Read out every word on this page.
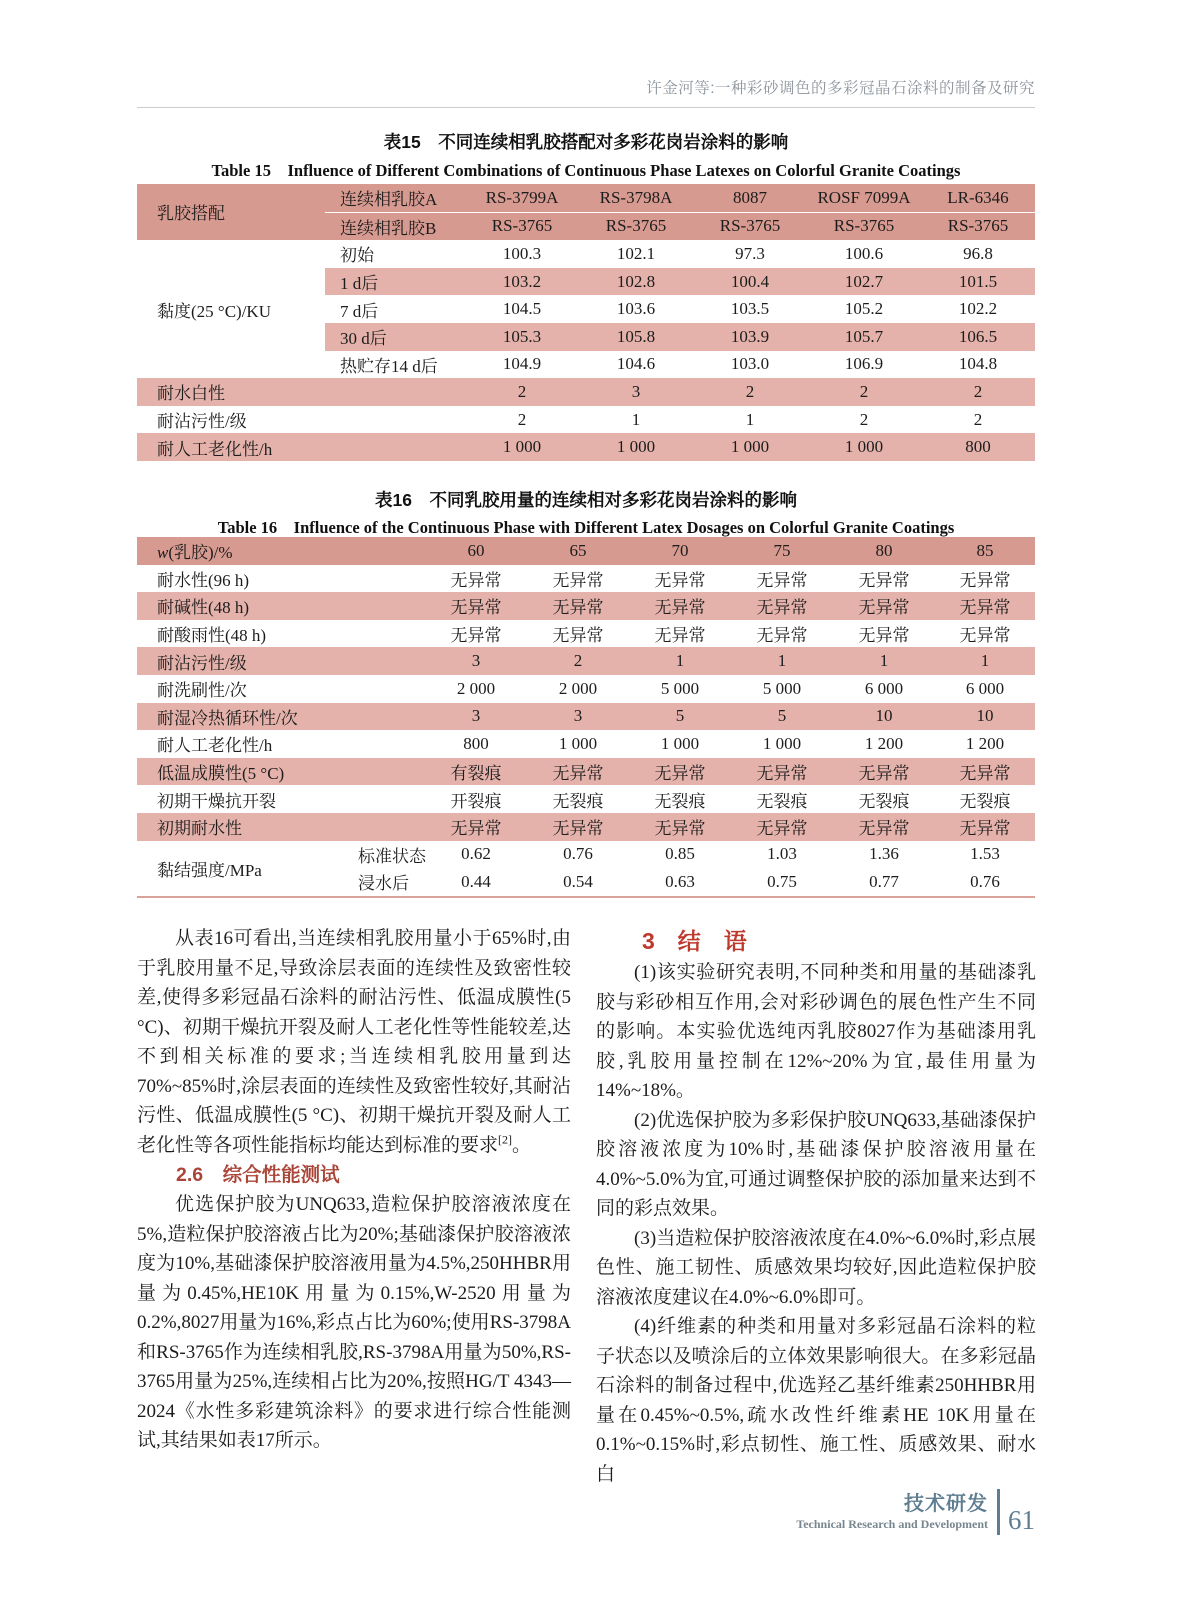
许金河等:一种彩砂调色的多彩冠晶石涂料的制备及研究
表15　不同连续相乳胶搭配对多彩花岗岩涂料的影响
Table 15　Influence of Different Combinations of Continuous Phase Latexes on Colorful Granite Coatings
乳胶搭配	连续相乳胶A	RS-3799A	RS-3798A	8087	ROSF 7099A	LR-6346
	连续相乳胶B	RS-3765	RS-3765	RS-3765	RS-3765	RS-3765
黏度(25 °C)/KU	初始	100.3	102.1	97.3	100.6	96.8
	1 d后	103.2	102.8	100.4	102.7	101.5
	7 d后	104.5	103.6	103.5	105.2	102.2
	30 d后	105.3	105.8	103.9	105.7	106.5
	热贮存14 d后	104.9	104.6	103.0	106.9	104.8
耐水白性		2	3	2	2	2
耐沾污性/级		2	1	1	2	2
耐人工老化性/h		1 000	1 000	1 000	1 000	800
表16　不同乳胶用量的连续相对多彩花岗岩涂料的影响
Table 16　Influence of the Continuous Phase with Different Latex Dosages on Colorful Granite Coatings
w(乳胶)/%		60	65	70	75	80	85
耐水性(96 h)		无异常	无异常	无异常	无异常	无异常	无异常
耐碱性(48 h)		无异常	无异常	无异常	无异常	无异常	无异常
耐酸雨性(48 h)		无异常	无异常	无异常	无异常	无异常	无异常
耐沾污性/级		3	2	1	1	1	1
耐洗刷性/次		2 000	2 000	5 000	5 000	6 000	6 000
耐湿冷热循环性/次		3	3	5	5	10	10
耐人工老化性/h		800	1 000	1 000	1 000	1 200	1 200
低温成膜性(5 °C)		有裂痕	无异常	无异常	无异常	无异常	无异常
初期干燥抗开裂		开裂痕	无裂痕	无裂痕	无裂痕	无裂痕	无裂痕
初期耐水性		无异常	无异常	无异常	无异常	无异常	无异常
黏结强度/MPa	标准状态	0.62	0.76	0.85	1.03	1.36	1.53
	浸水后	0.44	0.54	0.63	0.75	0.77	0.76

从表16可看出,当连续相乳胶用量小于65%时,由于乳胶用量不足,导致涂层表面的连续性及致密性较差,使得多彩冠晶石涂料的耐沾污性、低温成膜性(5 °C)、初期干燥抗开裂及耐人工老化性等性能较差,达不到相关标准的要求;当连续相乳胶用量到达70%~85%时,涂层表面的连续性及致密性较好,其耐沾污性、低温成膜性(5 °C)、初期干燥抗开裂及耐人工老化性等各项性能指标均能达到标准的要求[2]。

2.6　综合性能测试

优选保护胶为UNQ633,造粒保护胶溶液浓度在5%,造粒保护胶溶液占比为20%;基础漆保护胶溶液浓度为10%,基础漆保护胶溶液用量为4.5%,250HHBR用量为0.45%,HE10K用量为0.15%,W-2520用量为0.2%,8027用量为16%,彩点占比为60%;使用RS-3798A和RS-3765作为连续相乳胶,RS-3798A用量为50%,RS-3765用量为25%,连续相占比为20%,按照HG/T 4343—2024《水性多彩建筑涂料》的要求进行综合性能测试,其结果如表17所示。

3　结　语

(1)该实验研究表明,不同种类和用量的基础漆乳胶与彩砂相互作用,会对彩砂调色的展色性产生不同的影响。本实验优选纯丙乳胶8027作为基础漆用乳胶,乳胶用量控制在12%~20%为宜,最佳用量为14%~18%。

(2)优选保护胶为多彩保护胶UNQ633,基础漆保护胶溶液浓度为10%时,基础漆保护胶溶液用量在4.0%~5.0%为宜,可通过调整保护胶的添加量来达到不同的彩点效果。

(3)当造粒保护胶溶液浓度在4.0%~6.0%时,彩点展色性、施工韧性、质感效果均较好,因此造粒保护胶溶液浓度建议在4.0%~6.0%即可。

(4)纤维素的种类和用量对多彩冠晶石涂料的粒子状态以及喷涂后的立体效果影响很大。在多彩冠晶石涂料的制备过程中,优选羟乙基纤维素250HHBR用量在0.45%~0.5%,疏水改性纤维素HE 10K用量在0.1%~0.15%时,彩点韧性、施工性、质感效果、耐水白

技术研发
Technical Research and Development 61
